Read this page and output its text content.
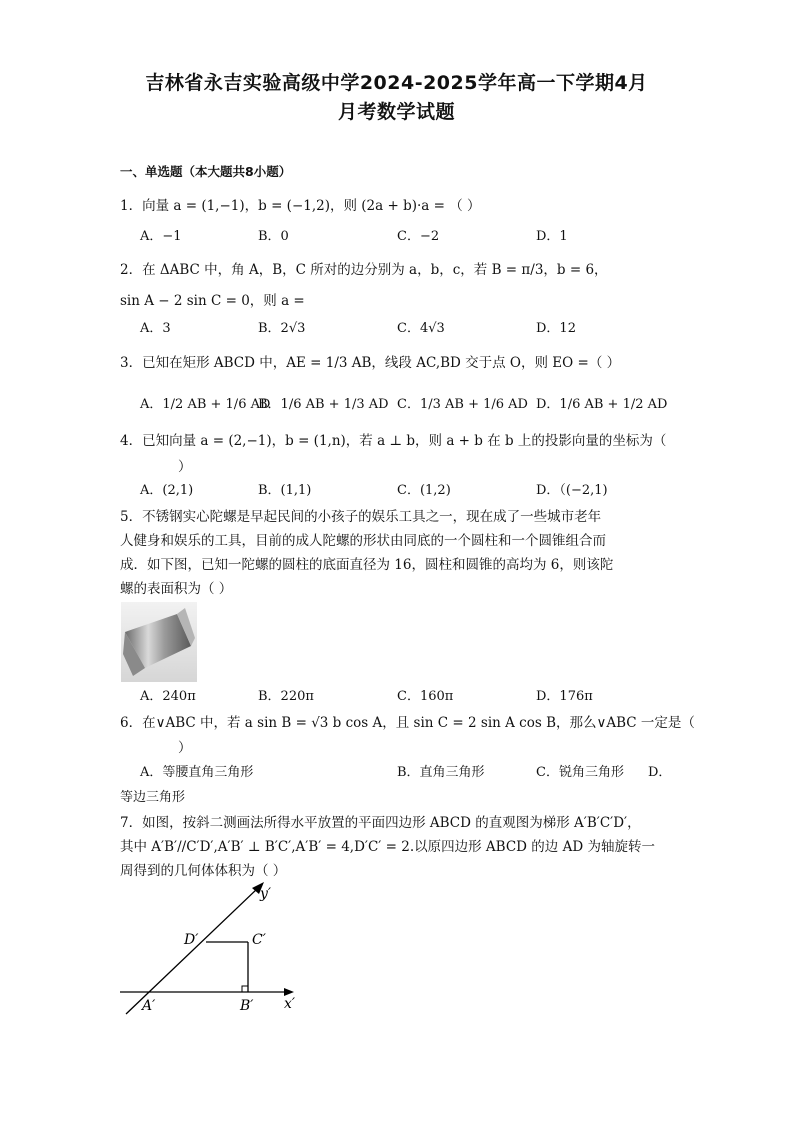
吉林省永吉实验高级中学2024-2025学年高一下学期4月
月考数学试题
一、单选题（本大题共8小题）
1．向量 a = (1,−1)，b = (−1,2)，则 (2a + b)·a = （ ）
A．−1	B．0	C．−2	D．1
2．在 ΔABC 中，角 A，B，C 所对的边分别为 a，b，c，若 B = π/3，b = 6，
sin A − 2 sin C = 0，则 a =
A．3	B．2√3	C．4√3	D．12
3．已知在矩形 ABCD 中，AE = 1/3 AB，线段 AC,BD 交于点 O，则 EO =（ ）
A．1/2 AB + 1/6 AD
B．1/6 AB + 1/3 AD C．1/3 AB + 1/6 AD D．1/6 AB + 1/2 AD
4．已知向量 a = (2,−1)，b = (1,n)，若 a ⊥ b，则 a + b 在 b 上的投影向量的坐标为（
）
A．(2,1)	B．(1,1)	C．(1,2)	D．（(−2,1)
5．不锈钢实心陀螺是早起民间的小孩子的娱乐工具之一，现在成了一些城市老年
人健身和娱乐的工具，目前的成人陀螺的形状由同底的一个圆柱和一个圆锥组合而
成．如下图，已知一陀螺的圆柱的底面直径为 16，圆柱和圆锥的高均为 6，则该陀
螺的表面积为（ ）
A．240π	B．220π	C．160π	D．176π
6．在∨ABC 中，若 a sin B = √3 b cos A，且 sin C = 2 sin A cos B，那么∨ABC 一定是（
）
A．等腰直角三角形	B．直角三角形	C．锐角三角形 D．
等边三角形
7．如图，按斜二测画法所得水平放置的平面四边形 ABCD 的直观图为梯形 A′B′C′D′，
其中 A′B′//C′D′,A′B′ ⊥ B′C′,A′B′ = 4,D′C′ = 2.以原四边形 ABCD 的边 AD 为轴旋转一
周得到的几何体体积为（ ）
y′
x′
A′	B′
C′
D′
